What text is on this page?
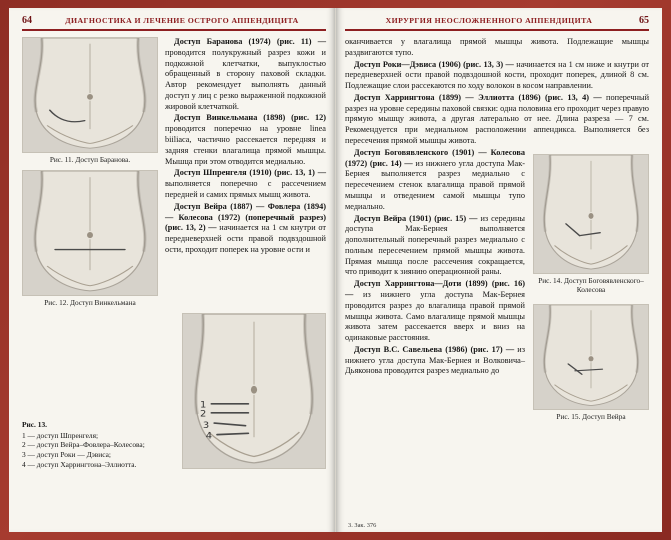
64	ДИАГНОСТИКА И ЛЕЧЕНИЕ ОСТРОГО АППЕНДИЦИТА
Рис. 11. Доступ Баранова.
Рис. 12. Доступ Винкельмана

Доступ Баранова (1974) (рис. 11) — проводится полукружный разрез кожи и подкожной клетчатки, выпуклостью обращенный в сторону паховой складки. Автор рекомендует выполнять данный доступ у лиц с резко выраженной подкожной жировой клетчаткой.

Доступ Винкельмана (1898) (рис. 12) проводится поперечно на уровне linea biiliaca, частично рассекается передняя и задняя стенки влагалища прямой мышцы. Мышца при этом отводится медиально.

Доступ Шпренгеля (1910) (рис. 13, 1) — выполняется поперечно с рассечением передней и самих прямых мышц живота.

Доступ Вейра (1887) — Фовлера (1894) — Колесова (1972) (поперечный разрез) (рис. 13, 2) — начинается на 1 см кнутри от передневерхней ости правой подвздошной ости, проходит поперек на уровне ости и

Рис. 13.
1 — доступ Шпренгеля;
2 — доступ Вейра–Фовлера–Колесова;
3 — доступ Роки — Дэвиса;
4 — доступ Харрингтона–Эллиотта.
1
2
3
4
ХИРУРГИЯ НЕОСЛОЖНЕННОГО АППЕНДИЦИТА	65

оканчивается у влагалища прямой мышцы живота. Подлежащие мышцы раздвигаются тупо.

Доступ Роки—Дэвиса (1906) (рис. 13, 3) — начинается на 1 см ниже и кнутри от передневерхней ости правой подвздошной кости, проходит поперек, длиной 8 см. Подлежащие слои рассекаются по ходу волокон в косом направлении.

Доступ Харрингтона (1899) — Эллиотта (1896) (рис. 13, 4) — поперечный разрез на уровне середины паховой связки: одна половина его проходит через правую прямую мышцу живота, а другая латерально от нее. Длина разреза — 7 см. Рекомендуется при медиальном расположении аппендикса. Выполняется без пересечения прямой мышцы живота.

Доступ Боговявленского (1901) — Колесова (1972) (рис. 14) — из нижнего угла доступа Мак-Бернея выполняется разрез медиально с пересечением стенок влагалища правой прямой мышцы и отведением самой мышцы тупо медиально.

Доступ Вейра (1901) (рис. 15) — из середины доступа Мак-Бернея выполняется дополнительный поперечный разрез медиально с полным пересечением прямой мышцы живота. Прямая мышца после рассечения сокращается, что приводит к зиянию операционной раны.

Доступ Харрингтона—Доти (1899) (рис. 16) — из нижнего угла доступа Мак-Бернея проводится разрез до влагалища правой прямой мышцы живота. Само влагалище прямой мышцы живота затем рассекается вверх и вниз на одинаковые расстояния.

Доступ В.С. Савельева (1986) (рис. 17) — из нижнего угла доступа Мак-Бернея и Волковича–Дьяконова проводится разрез медиально до

Рис. 14. Доступ Боговявленского–Колесова
Рис. 15. Доступ Вейра

3. Зак. 376
